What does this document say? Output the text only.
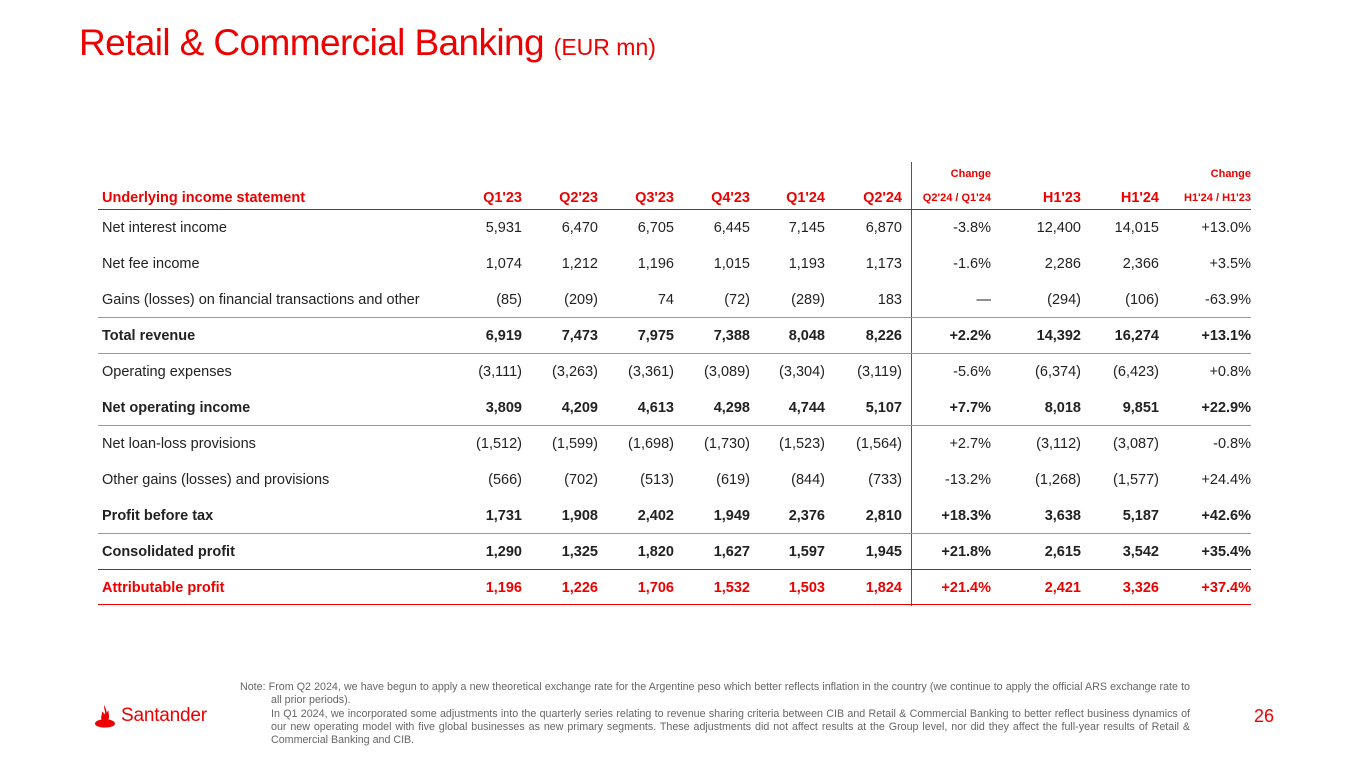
Retail & Commercial Banking (EUR mn)
Change	Change
Underlying income statement	Q1'23	Q2'23	Q3'23	Q4'23	Q1'24	Q2'24	Q2'24 / Q1'24	H1'23	H1'24	H1'24 / H1'23
Net interest income	5,931	6,470	6,705	6,445	7,145	6,870	-3.8%	12,400	14,015	+13.0%
Net fee income	1,074	1,212	1,196	1,015	1,193	1,173	-1.6%	2,286	2,366	+3.5%
Gains (losses) on financial transactions and other	(85)	(209)	74	(72)	(289)	183	—	(294)	(106)	-63.9%
Total revenue	6,919	7,473	7,975	7,388	8,048	8,226	+2.2%	14,392	16,274	+13.1%
Operating expenses	(3,111)	(3,263)	(3,361)	(3,089)	(3,304)	(3,119)	-5.6%	(6,374)	(6,423)	+0.8%
Net operating income	3,809	4,209	4,613	4,298	4,744	5,107	+7.7%	8,018	9,851	+22.9%
Net loan-loss provisions	(1,512)	(1,599)	(1,698)	(1,730)	(1,523)	(1,564)	+2.7%	(3,112)	(3,087)	-0.8%
Other gains (losses) and provisions	(566)	(702)	(513)	(619)	(844)	(733)	-13.2%	(1,268)	(1,577)	+24.4%
Profit before tax	1,731	1,908	2,402	1,949	2,376	2,810	+18.3%	3,638	5,187	+42.6%
Consolidated profit	1,290	1,325	1,820	1,627	1,597	1,945	+21.8%	2,615	3,542	+35.4%
Attributable profit	1,196	1,226	1,706	1,532	1,503	1,824	+21.4%	2,421	3,326	+37.4%
Santander

Note: From Q2 2024, we have begun to apply a new theoretical exchange rate for the Argentine peso which better reflects inflation in the country (we continue to apply the official ARS exchange rate to all prior periods).

In Q1 2024, we incorporated some adjustments into the quarterly series relating to revenue sharing criteria between CIB and Retail & Commercial Banking to better reflect business dynamics of our new operating model with five global businesses as new primary segments. These adjustments did not affect results at the Group level, nor did they affect the full-year results of Retail & Commercial Banking and CIB.

26
